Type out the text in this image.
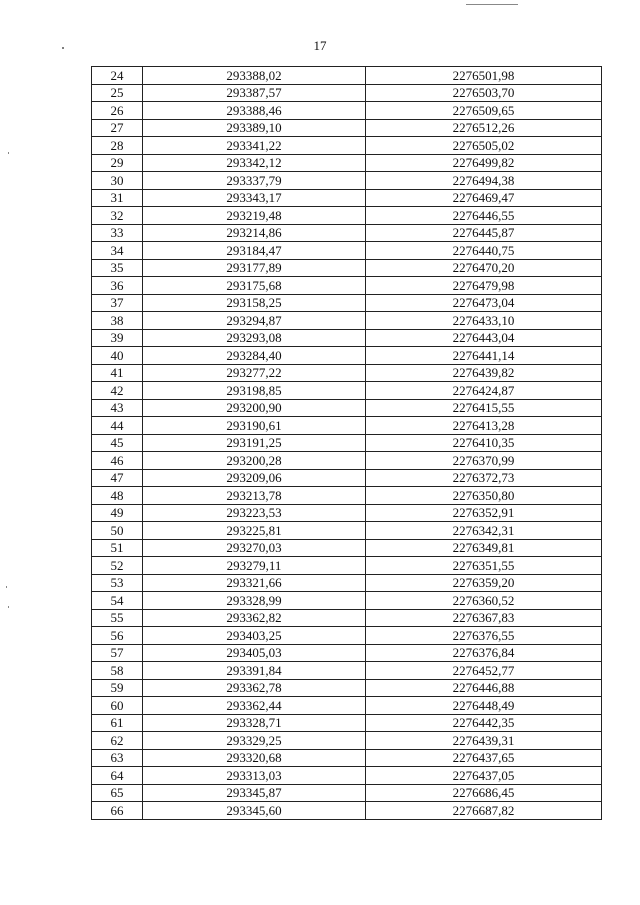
17
24	293388,02	2276501,98
25	293387,57	2276503,70
26	293388,46	2276509,65
27	293389,10	2276512,26
28	293341,22	2276505,02
29	293342,12	2276499,82
30	293337,79	2276494,38
31	293343,17	2276469,47
32	293219,48	2276446,55
33	293214,86	2276445,87
34	293184,47	2276440,75
35	293177,89	2276470,20
36	293175,68	2276479,98
37	293158,25	2276473,04
38	293294,87	2276433,10
39	293293,08	2276443,04
40	293284,40	2276441,14
41	293277,22	2276439,82
42	293198,85	2276424,87
43	293200,90	2276415,55
44	293190,61	2276413,28
45	293191,25	2276410,35
46	293200,28	2276370,99
47	293209,06	2276372,73
48	293213,78	2276350,80
49	293223,53	2276352,91
50	293225,81	2276342,31
51	293270,03	2276349,81
52	293279,11	2276351,55
53	293321,66	2276359,20
54	293328,99	2276360,52
55	293362,82	2276367,83
56	293403,25	2276376,55
57	293405,03	2276376,84
58	293391,84	2276452,77
59	293362,78	2276446,88
60	293362,44	2276448,49
61	293328,71	2276442,35
62	293329,25	2276439,31
63	293320,68	2276437,65
64	293313,03	2276437,05
65	293345,87	2276686,45
66	293345,60	2276687,82
